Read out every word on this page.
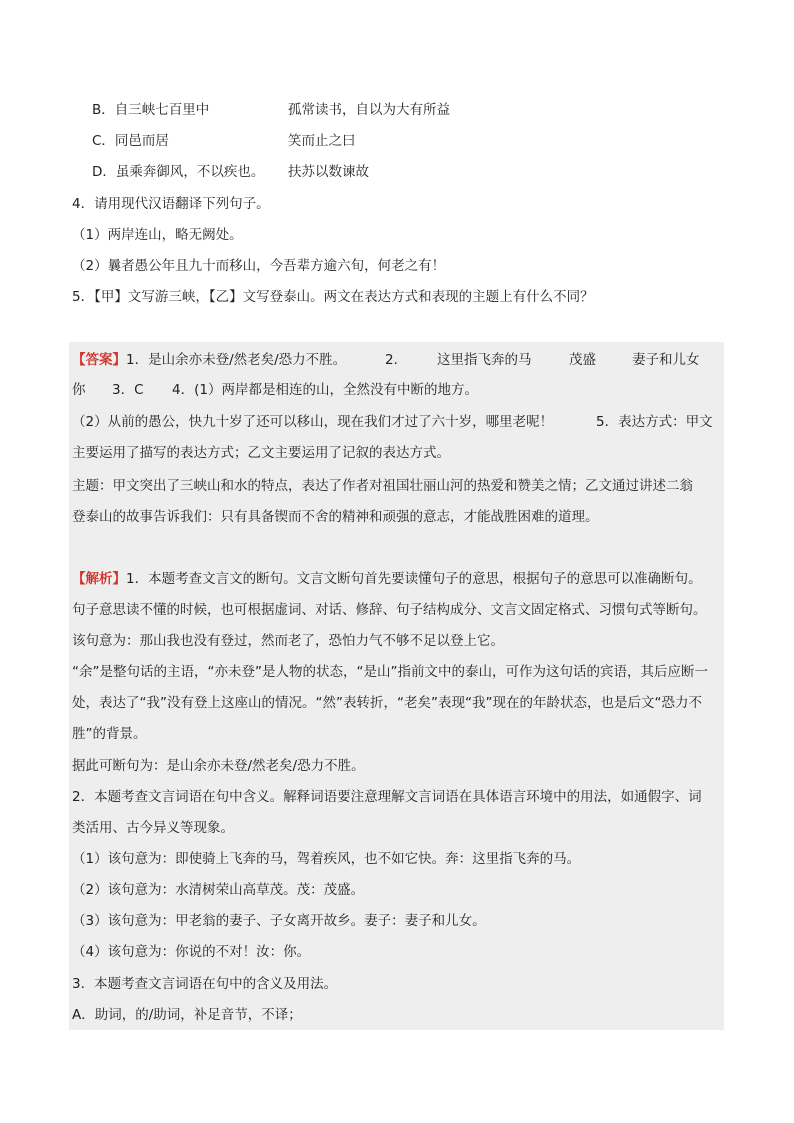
B．自三峡七百里中	孤常读书，自以为大有所益
C．同邑而居	笑而止之曰
D．虽乘奔御风，不以疾也。 扶苏以数谏故
4．请用现代汉语翻译下列句子。
（1）两岸连山，略无阙处。
（2）曩者愚公年且九十而移山，今吾辈方逾六旬，何老之有！
5．【甲】文写游三峡，【乙】文写登泰山。两文在表达方式和表现的主题上有什么不同？
【答案】1．是山余亦未登/然老矣/恐力不胜。	2． 这里指飞奔的马	茂盛	妻子和儿女
你 3．C 4．(1）两岸都是相连的山，全然没有中断的地方。
（2）从前的愚公，快九十岁了还可以移山，现在我们才过了六十岁，哪里老呢！	5．表达方式：甲文
主要运用了描写的表达方式；乙文主要运用了记叙的表达方式。
主题：甲文突出了三峡山和水的特点，表达了作者对祖国壮丽山河的热爱和赞美之情；乙文通过讲述二翁
登泰山的故事告诉我们：只有具备锲而不舍的精神和顽强的意志，才能战胜困难的道理。
【解析】1．本题考查文言文的断句。文言文断句首先要读懂句子的意思，根据句子的意思可以准确断句。
句子意思读不懂的时候，也可根据虚词、对话、修辞、句子结构成分、文言文固定格式、习惯句式等断句。
该句意为：那山我也没有登过，然而老了，恐怕力气不够不足以登上它。
“余”是整句话的主语，“亦未登”是人物的状态，“是山”指前文中的泰山，可作为这句话的宾语，其后应断一
处，表达了“我”没有登上这座山的情况。“然”表转折，“老矣”表现“我”现在的年龄状态，也是后文“恐力不
胜”的背景。
据此可断句为：是山余亦未登/然老矣/恐力不胜。
2．本题考查文言词语在句中含义。解释词语要注意理解文言词语在具体语言环境中的用法，如通假字、词
类活用、古今异义等现象。
（1）该句意为：即使骑上飞奔的马，驾着疾风，也不如它快。奔：这里指飞奔的马。
（2）该句意为：水清树荣山高草茂。茂：茂盛。
（3）该句意为：甲老翁的妻子、子女离开故乡。妻子：妻子和儿女。
（4）该句意为：你说的不对！汝：你。
3．本题考查文言词语在句中的含义及用法。
A．助词，的/助词，补足音节，不译；
